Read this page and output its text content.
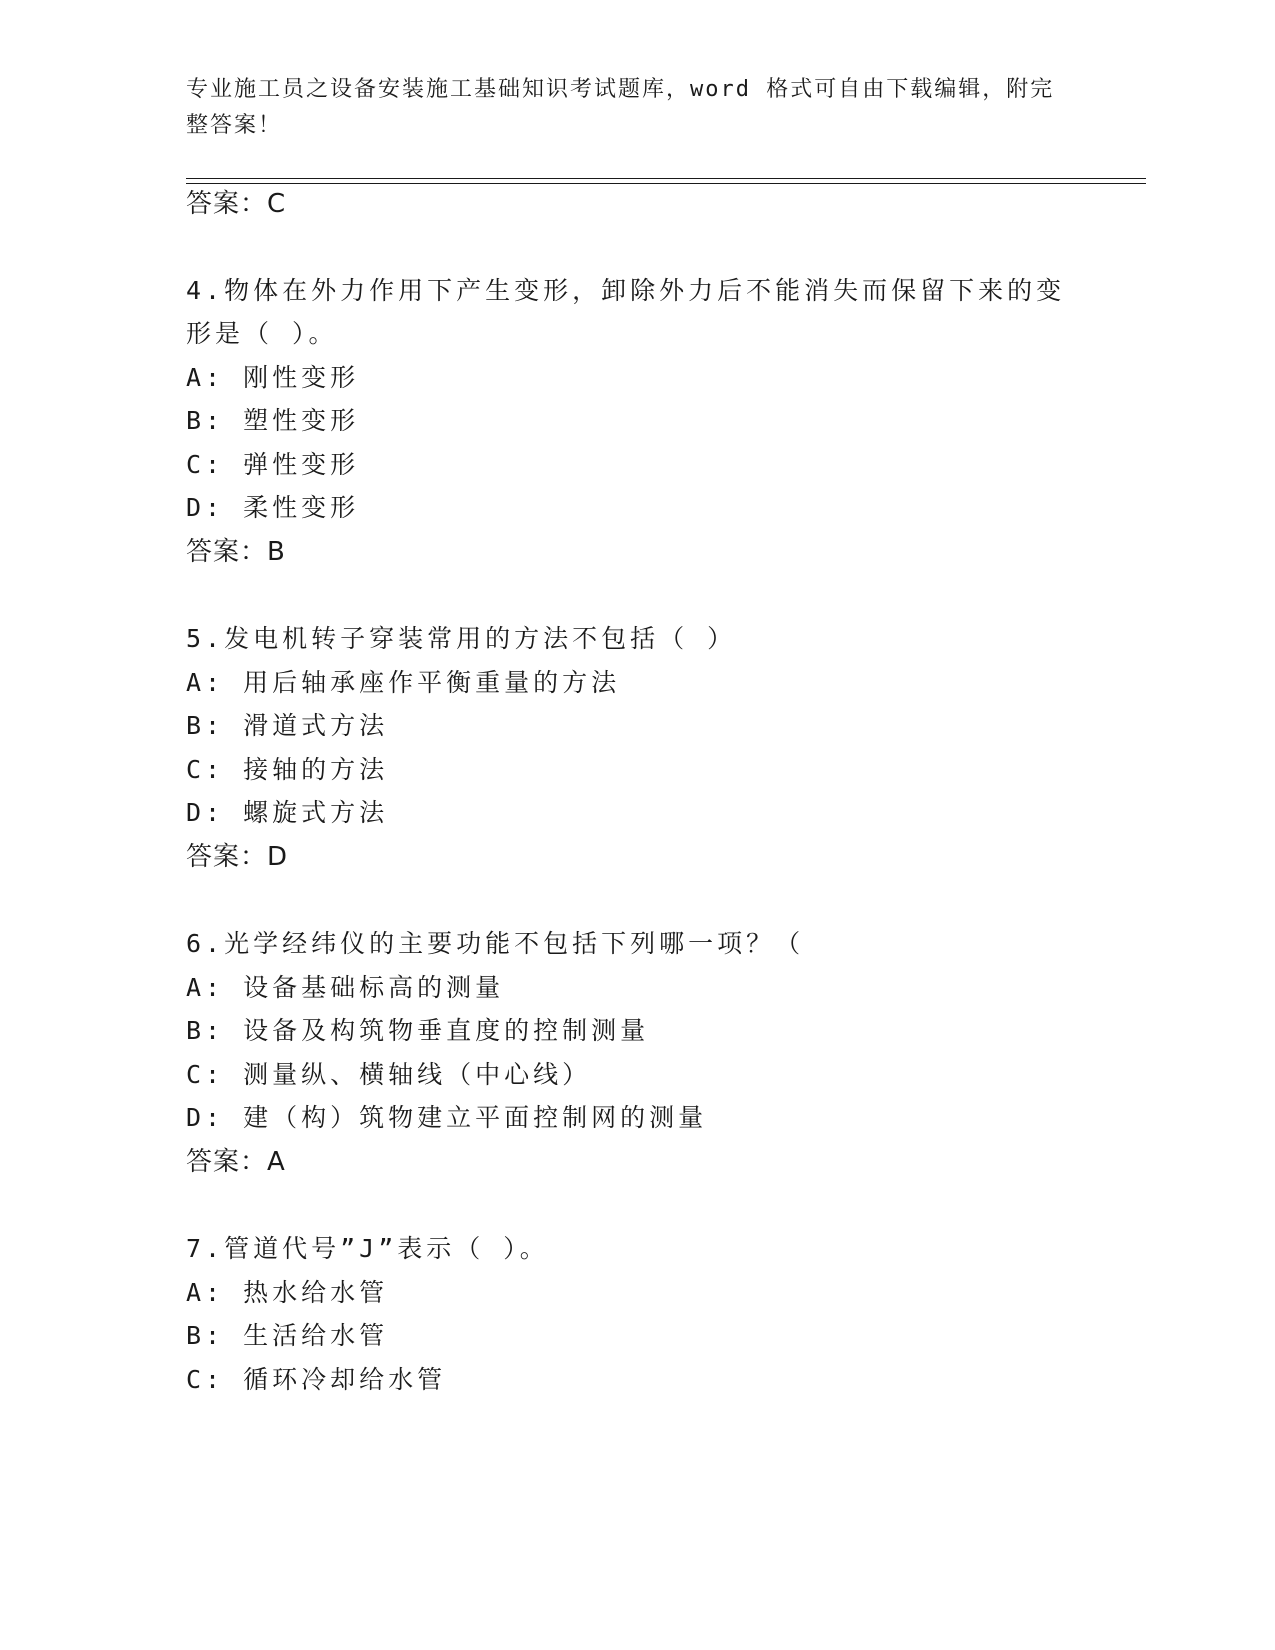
专业施工员之设备安装施工基础知识考试题库，word 格式可自由下载编辑，附完
整答案！
答案：C
4.物体在外力作用下产生变形，卸除外力后不能消失而保留下来的变
形是（ ）。
A: 刚性变形
B: 塑性变形
C: 弹性变形
D: 柔性变形
答案：B
5.发电机转子穿装常用的方法不包括（ ）
A: 用后轴承座作平衡重量的方法
B: 滑道式方法
C: 接轴的方法
D: 螺旋式方法
答案：D
6.光学经纬仪的主要功能不包括下列哪一项？（
A: 设备基础标高的测量
B: 设备及构筑物垂直度的控制测量
C: 测量纵、横轴线（中心线）
D: 建（构）筑物建立平面控制网的测量
答案：A
7.管道代号”J”表示（ ）。
A: 热水给水管
B: 生活给水管
C: 循环冷却给水管
